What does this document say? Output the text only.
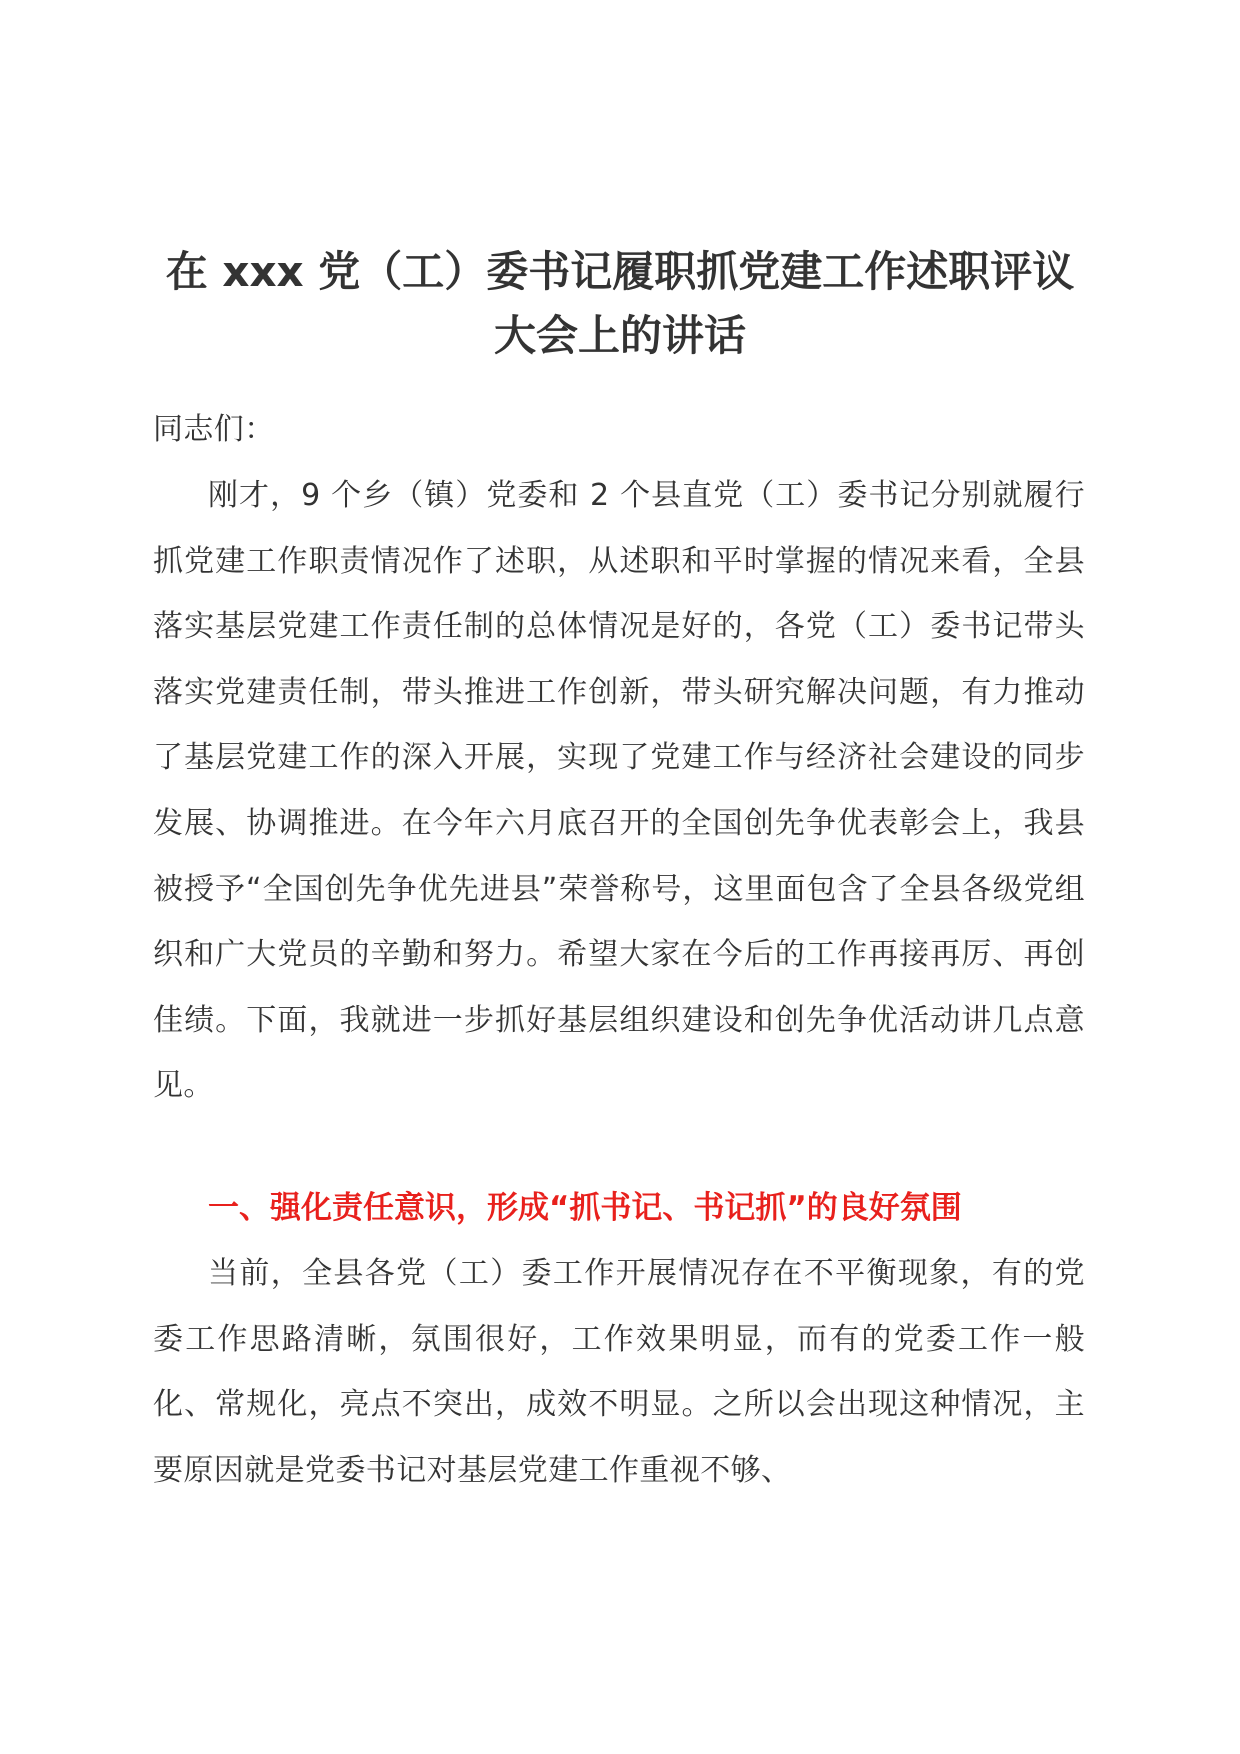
在 xxx 党（工）委书记履职抓党建工作述职评议大会上的讲话

同志们：

刚才，9 个乡（镇）党委和 2 个县直党（工）委书记分别就履行抓党建工作职责情况作了述职，从述职和平时掌握的情况来看，全县落实基层党建工作责任制的总体情况是好的，各党（工）委书记带头落实党建责任制，带头推进工作创新，带头研究解决问题，有力推动了基层党建工作的深入开展，实现了党建工作与经济社会建设的同步发展、协调推进。在今年六月底召开的全国创先争优表彰会上，我县被授予“全国创先争优先进县”荣誉称号，这里面包含了全县各级党组织和广大党员的辛勤和努力。希望大家在今后的工作再接再厉、再创佳绩。下面，我就进一步抓好基层组织建设和创先争优活动讲几点意见。

一、强化责任意识，形成“抓书记、书记抓”的良好氛围

当前，全县各党（工）委工作开展情况存在不平衡现象，有的党委工作思路清晰，氛围很好，工作效果明显，而有的党委工作一般化、常规化，亮点不突出，成效不明显。之所以会出现这种情况，主要原因就是党委书记对基层党建工作重视不够、
